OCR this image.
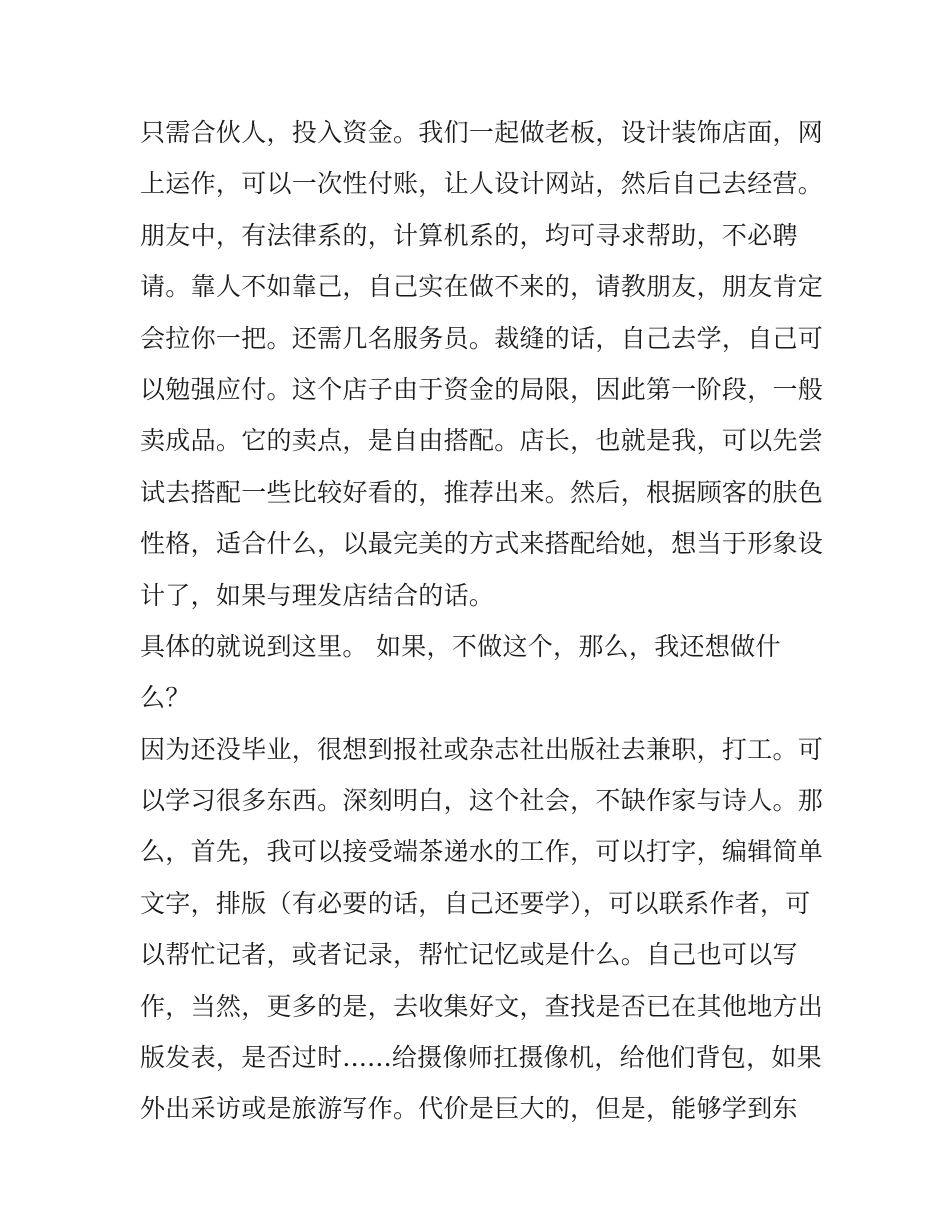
只需合伙人，投入资金。我们一起做老板，设计装饰店面，网
上运作，可以一次性付账，让人设计网站，然后自己去经营。
朋友中，有法律系的，计算机系的，均可寻求帮助，不必聘
请。靠人不如靠己，自己实在做不来的，请教朋友，朋友肯定
会拉你一把。还需几名服务员。裁缝的话，自己去学，自己可
以勉强应付。这个店子由于资金的局限，因此第一阶段，一般
卖成品。它的卖点，是自由搭配。店长，也就是我，可以先尝
试去搭配一些比较好看的，推荐出来。然后，根据顾客的肤色
性格，适合什么，以最完美的方式来搭配给她，想当于形象设
计了，如果与理发店结合的话。
具体的就说到这里。 如果，不做这个，那么，我还想做什
么？
因为还没毕业，很想到报社或杂志社出版社去兼职，打工。可
以学习很多东西。深刻明白，这个社会，不缺作家与诗人。那
么，首先，我可以接受端茶递水的工作，可以打字，编辑简单
文字，排版（有必要的话，自己还要学），可以联系作者，可
以帮忙记者，或者记录，帮忙记忆或是什么。自己也可以写
作，当然，更多的是，去收集好文，查找是否已在其他地方出
版发表，是否过时......给摄像师扛摄像机，给他们背包，如果
外出采访或是旅游写作。代价是巨大的，但是，能够学到东
